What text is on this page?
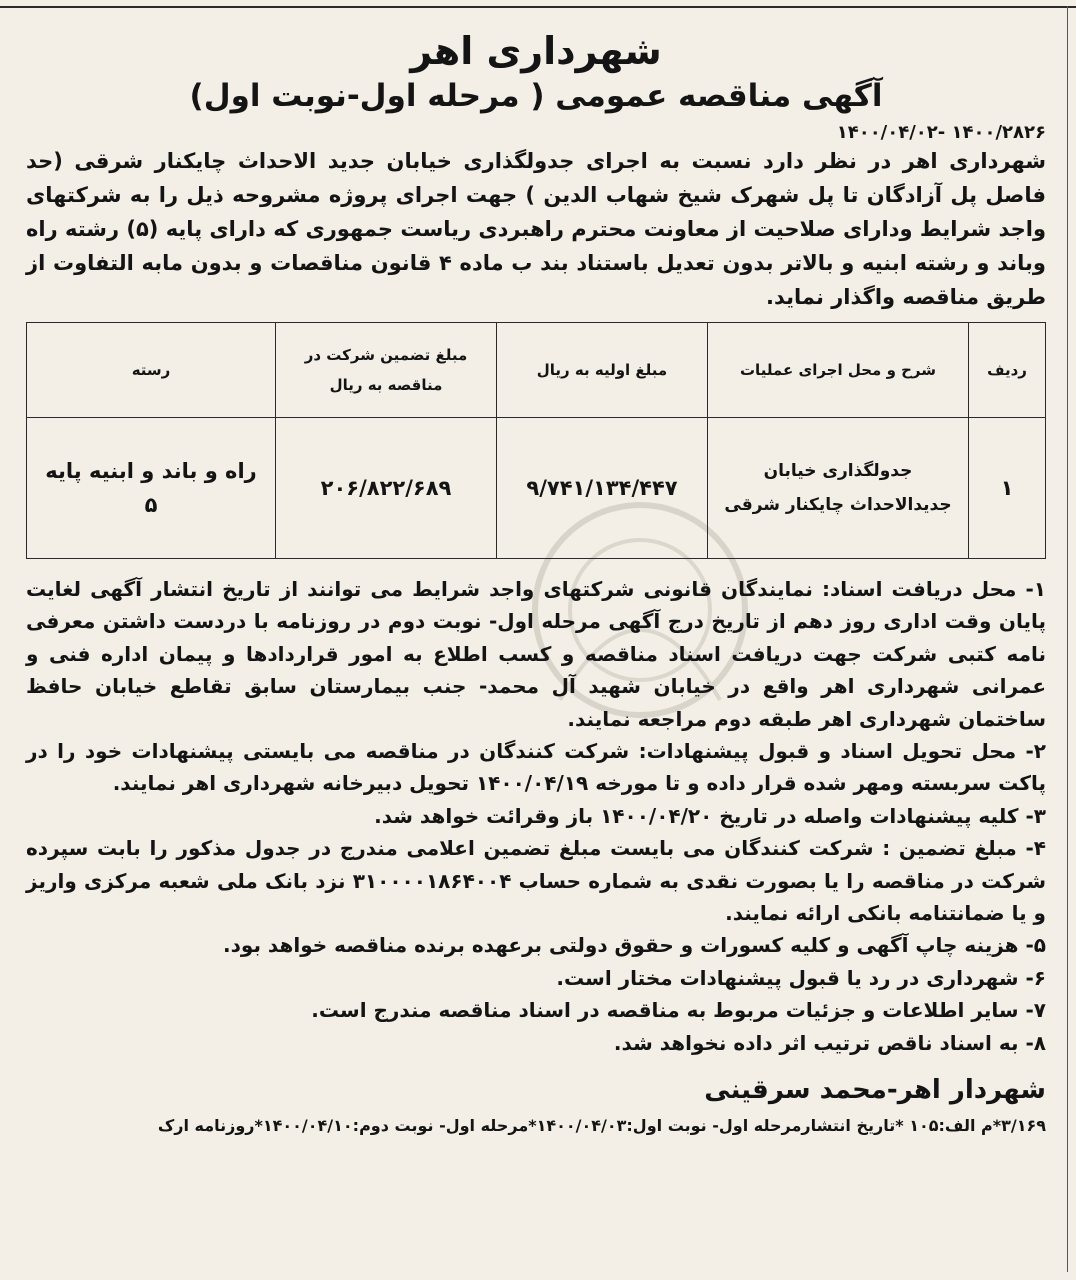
شهرداری اهر
آگهی مناقصه عمومی ( مرحله اول-نوبت اول)

۱۴۰۰/۲۸۲۶ -۱۴۰۰/۰۴/۰۲

شهرداری اهر در نظر دارد نسبت به اجرای جدولگذاری خیابان جدید الاحداث چایکنار شرقی (حد فاصل پل آزادگان تا پل شهرک شیخ شهاب الدین ) جهت اجرای پروژه مشروحه ذیل را به شرکتهای واجد شرایط ودارای صلاحیت از معاونت محترم راهبردی ریاست جمهوری که دارای پایه (۵) رشته راه وباند و رشته ابنیه و بالاتر بدون تعدیل باستناد بند ب ماده ۴ قانون مناقصات و بدون مابه التفاوت از طریق مناقصه واگذار نماید.

ردیف	شرح و محل اجرای عملیات	مبلغ اولیه به ریال	مبلغ تضمین شرکت در مناقصه به ریال	رسته
۱	جدولگذاری خیابان جدیدالاحداث چایکنار شرقی	۹/۷۴۱/۱۳۴/۴۴۷	۲۰۶/۸۲۲/۶۸۹	راه و باند و ابنیه پایه ۵
۱- محل دریافت اسناد: نمایندگان قانونی شرکتهای واجد شرایط می توانند از تاریخ انتشار آگهی لغایت پایان وقت اداری روز دهم از تاریخ درج آگهی مرحله اول- نوبت دوم در روزنامه با دردست داشتن معرفی نامه کتبی شرکت جهت دریافت اسناد مناقصه و کسب اطلاع به امور قراردادها و پیمان اداره فنی و عمرانی شهرداری اهر واقع در خیابان شهید آل محمد- جنب بیمارستان سابق تقاطع خیابان حافظ ساختمان شهرداری اهر طبقه دوم مراجعه نمایند.
۲- محل تحویل اسناد و قبول پیشنهادات: شرکت کنندگان در مناقصه می بایستی پیشنهادات خود را در پاکت سربسته ومهر شده قرار داده و تا مورخه ۱۴۰۰/۰۴/۱۹ تحویل دبیرخانه شهرداری اهر نمایند.
۳- کلیه پیشنهادات واصله در تاریخ ۱۴۰۰/۰۴/۲۰ باز وقرائت خواهد شد.
۴- مبلغ تضمین : شرکت کنندگان می بایست مبلغ تضمین اعلامی مندرج در جدول مذکور را بابت سپرده شرکت در مناقصه را یا بصورت نقدی به شماره حساب ۳۱۰۰۰۰۱۸۶۴۰۰۴ نزد بانک ملی شعبه مرکزی واریز و یا ضمانتنامه بانکی ارائه نمایند.
۵- هزینه چاپ آگهی و کلیه کسورات و حقوق دولتی برعهده برنده مناقصه خواهد بود.
۶- شهرداری در رد یا قبول پیشنهادات مختار است.
۷- سایر اطلاعات و جزئیات مربوط به مناقصه در اسناد مناقصه مندرج است.
۸- به اسناد ناقص ترتیب اثر داده نخواهد شد.

شهردار اهر-محمد سرقینی

۳/۱۶۹*م الف:۱۰۵ *تاریخ انتشارمرحله اول- نوبت اول:۱۴۰۰/۰۴/۰۳*مرحله اول- نوبت دوم:۱۴۰۰/۰۴/۱۰*روزنامه ارک
